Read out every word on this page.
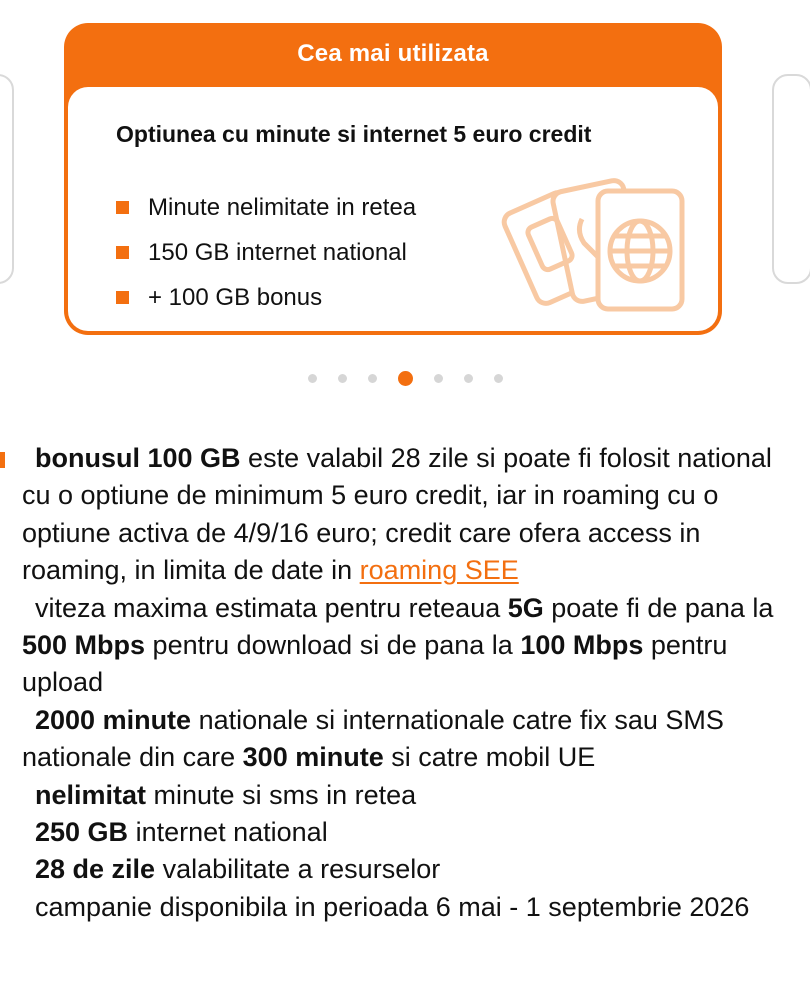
Cea mai utilizata
Optiunea cu minute si internet 5 euro credit
Minute nelimitate in retea
150 GB internet national
+ 100 GB bonus

bonusul 100 GB este valabil 28 zile si poate fi folosit national cu o optiune de minimum 5 euro credit, iar in roaming cu o optiune activa de 4/9/16 euro; credit care ofera access in roaming, in limita de date in roaming SEE

viteza maxima estimata pentru reteaua 5G poate fi de pana la 500 Mbps pentru download si de pana la 100 Mbps pentru upload

2000 minute nationale si internationale catre fix sau SMS nationale din care 300 minute si catre mobil UE

nelimitat minute si sms in retea

250 GB internet national

28 de zile valabilitate a resurselor

campanie disponibila in perioada 6 mai - 1 septembrie 2026
